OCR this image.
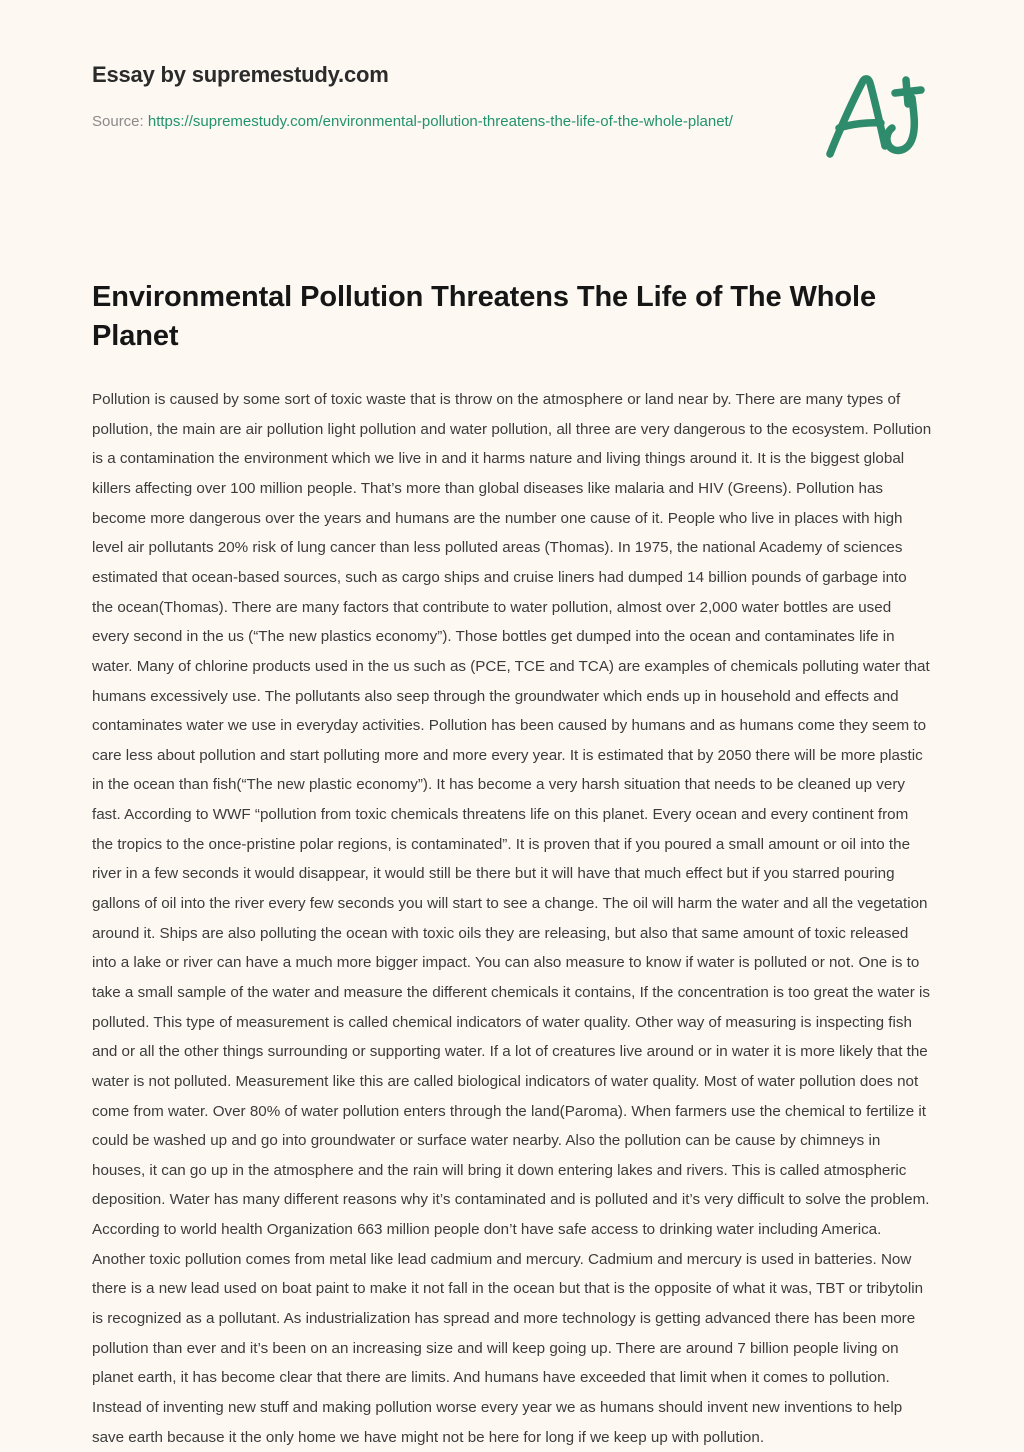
Essay by supremestudy.com

Source: https://supremestudy.com/environmental-pollution-threatens-the-life-of-the-whole-planet/

Environmental Pollution Threatens The Life of The Whole Planet

Pollution is caused by some sort of toxic waste that is throw on the atmosphere or land near by. There are many types of pollution, the main are air pollution light pollution and water pollution, all three are very dangerous to the ecosystem. Pollution is a contamination the environment which we live in and it harms nature and living things around it. It is the biggest global killers affecting over 100 million people. That’s more than global diseases like malaria and HIV (Greens). Pollution has become more dangerous over the years and humans are the number one cause of it. People who live in places with high level air pollutants 20% risk of lung cancer than less polluted areas (Thomas). In 1975, the national Academy of sciences estimated that ocean-based sources, such as cargo ships and cruise liners had dumped 14 billion pounds of garbage into the ocean(Thomas). There are many factors that contribute to water pollution, almost over 2,000 water bottles are used every second in the us (“The new plastics economy”). Those bottles get dumped into the ocean and contaminates life in water. Many of chlorine products used in the us such as (PCE, TCE and TCA) are examples of chemicals polluting water that humans excessively use. The pollutants also seep through the groundwater which ends up in household and effects and contaminates water we use in everyday activities. Pollution has been caused by humans and as humans come they seem to care less about pollution and start polluting more and more every year. It is estimated that by 2050 there will be more plastic in the ocean than fish(“The new plastic economy”). It has become a very harsh situation that needs to be cleaned up very fast. According to WWF “pollution from toxic chemicals threatens life on this planet. Every ocean and every continent from the tropics to the once-pristine polar regions, is contaminated”. It is proven that if you poured a small amount or oil into the river in a few seconds it would disappear, it would still be there but it will have that much effect but if you starred pouring gallons of oil into the river every few seconds you will start to see a change. The oil will harm the water and all the vegetation around it. Ships are also polluting the ocean with toxic oils they are releasing, but also that same amount of toxic released into a lake or river can have a much more bigger impact. You can also measure to know if water is polluted or not. One is to take a small sample of the water and measure the different chemicals it contains, If the concentration is too great the water is polluted. This type of measurement is called chemical indicators of water quality. Other way of measuring is inspecting fish and or all the other things surrounding or supporting water. If a lot of creatures live around or in water it is more likely that the water is not polluted. Measurement like this are called biological indicators of water quality. Most of water pollution does not come from water. Over 80% of water pollution enters through the land(Paroma). When farmers use the chemical to fertilize it could be washed up and go into groundwater or surface water nearby. Also the pollution can be cause by chimneys in houses, it can go up in the atmosphere and the rain will bring it down entering lakes and rivers. This is called atmospheric deposition. Water has many different reasons why it’s contaminated and is polluted and it’s very difficult to solve the problem. According to world health Organization 663 million people don’t have safe access to drinking water including America. Another toxic pollution comes from metal like lead cadmium and mercury. Cadmium and mercury is used in batteries. Now there is a new lead used on boat paint to make it not fall in the ocean but that is the opposite of what it was, TBT or tribytolin is recognized as a pollutant. As industrialization has spread and more technology is getting advanced there has been more pollution than ever and it’s been on an increasing size and will keep going up. There are around 7 billion people living on planet earth, it has become clear that there are limits. And humans have exceeded that limit when it comes to pollution. Instead of inventing new stuff and making pollution worse every year we as humans should invent new inventions to help save earth because it the only home we have might not be here for long if we keep up with pollution.
